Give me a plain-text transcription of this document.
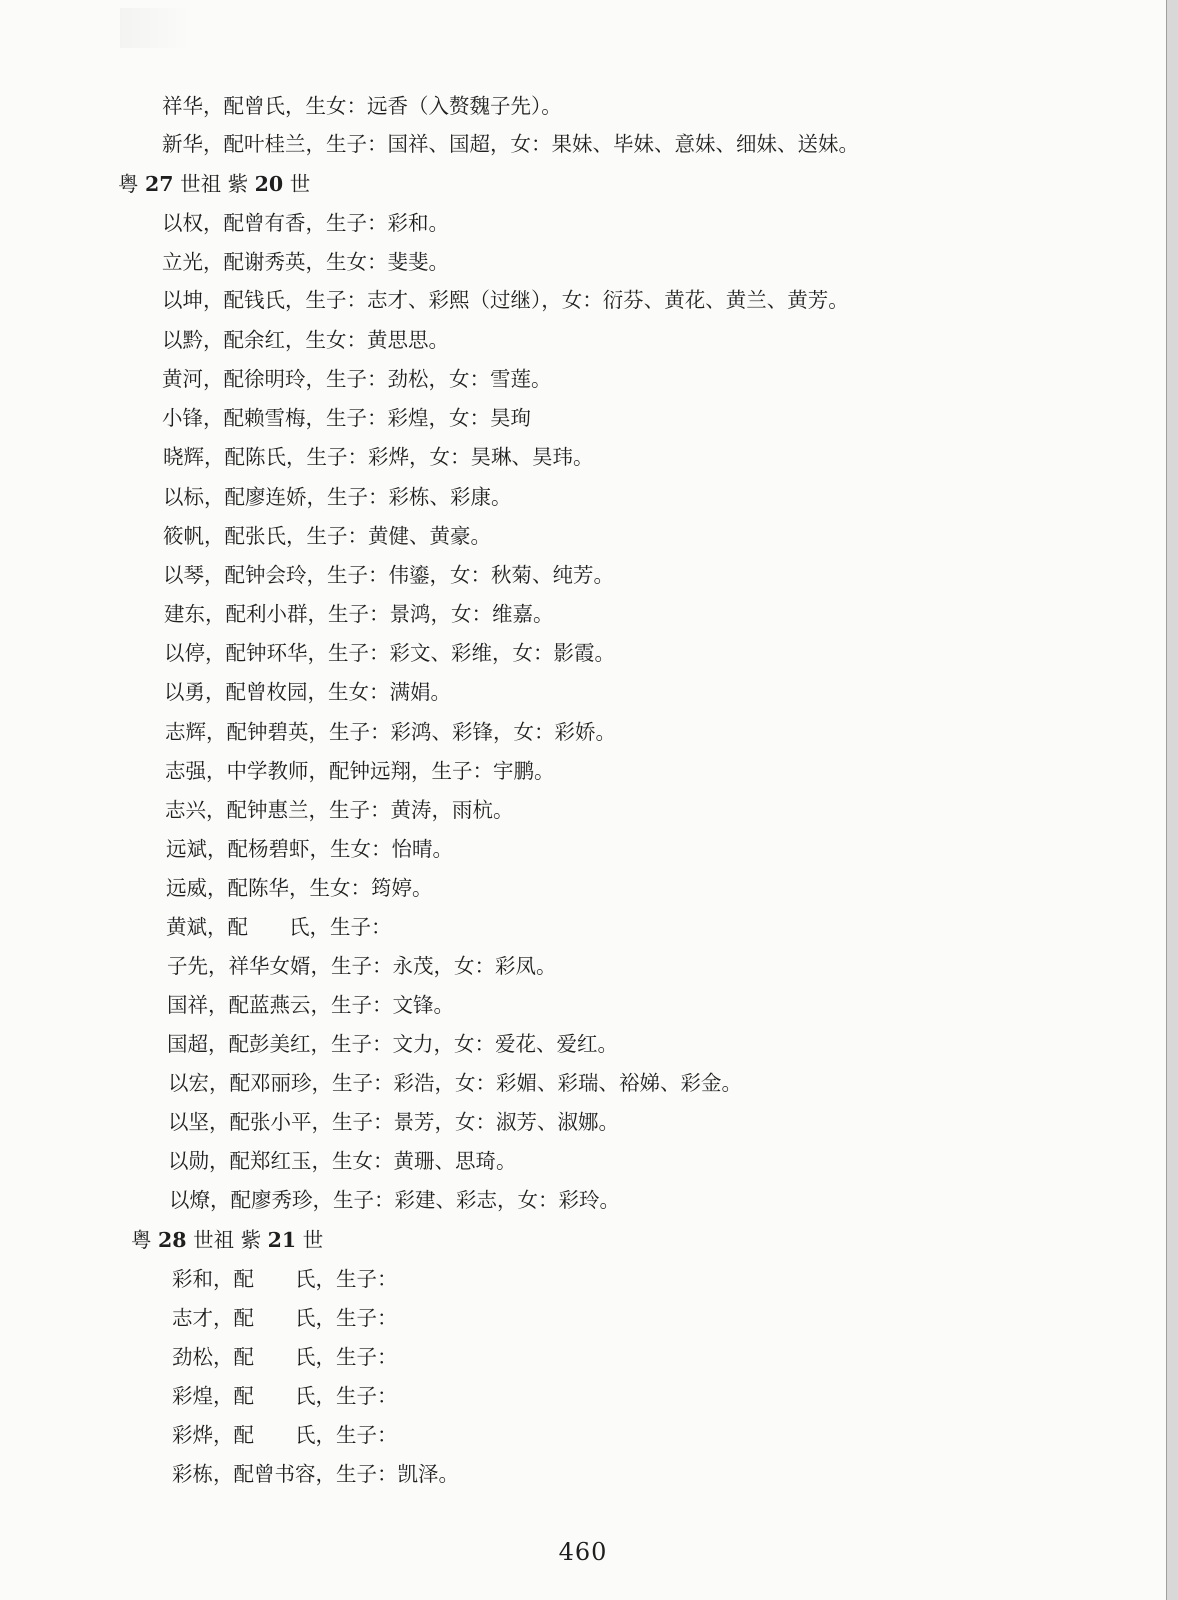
祥华，配曾氏，生女：远香（入赘魏子先）。
新华，配叶桂兰，生子：国祥、国超，女：果妹、毕妹、意妹、细妹、送妹。
粤 27 世祖 紫 20 世
以权，配曾有香，生子：彩和。
立光，配谢秀英，生女：斐斐。
以坤，配钱氏，生子：志才、彩熙（过继），女：衍芬、黄花、黄兰、黄芳。
以黔，配余红，生女：黄思思。
黄河，配徐明玲，生子：劲松，女：雪莲。
小锋，配赖雪梅，生子：彩煌，女：昊珣
晓辉，配陈氏，生子：彩烨，女：昊琳、昊玮。
以标，配廖连娇，生子：彩栋、彩康。
筱帆，配张氏，生子：黄健、黄豪。
以琴，配钟会玲，生子：伟鎏，女：秋菊、纯芳。
建东，配利小群，生子：景鸿，女：维嘉。
以停，配钟环华，生子：彩文、彩维，女：影霞。
以勇，配曾枚园，生女：满娟。
志辉，配钟碧英，生子：彩鸿、彩锋，女：彩娇。
志强，中学教师，配钟远翔，生子：宇鹏。
志兴，配钟惠兰，生子：黄涛，雨杭。
远斌，配杨碧虾，生女：怡晴。
远威，配陈华，生女：筠婷。
黄斌，配　　氏，生子：
子先，祥华女婿，生子：永茂，女：彩凤。
国祥，配蓝燕云，生子：文锋。
国超，配彭美红，生子：文力，女：爱花、爱红。
以宏，配邓丽珍，生子：彩浩，女：彩媚、彩瑞、裕娣、彩金。
以坚，配张小平，生子：景芳，女：淑芳、淑娜。
以勋，配郑红玉，生女：黄珊、思琦。
以燎，配廖秀珍，生子：彩建、彩志，女：彩玲。
粤 28 世祖 紫 21 世
彩和，配　　氏，生子：
志才，配　　氏，生子：
劲松，配　　氏，生子：
彩煌，配　　氏，生子：
彩烨，配　　氏，生子：
彩栋，配曾书容，生子：凯泽。
460
